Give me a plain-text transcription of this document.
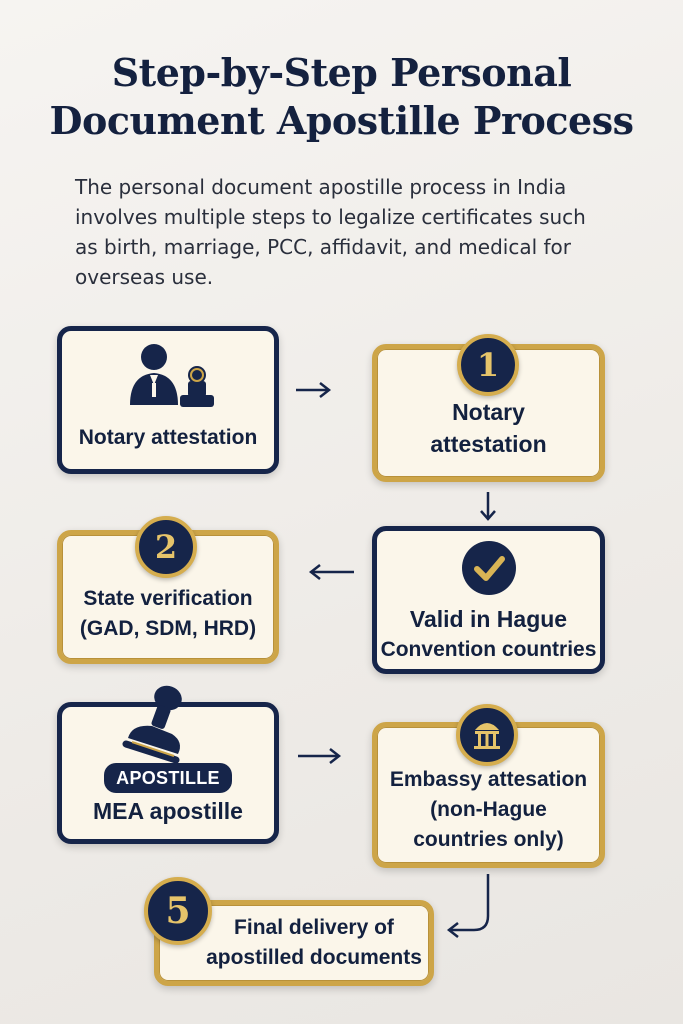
Step-by-Step Personal
Document Apostille Process
The personal document apostille process in India
involves multiple steps to legalize certificates such
as birth, marriage, PCC, affidavit, and medical for
overseas use.
Notary attestation
Notary
attestation
1
Valid in Hague
Convention countries
State verification
(GAD, SDM, HRD)
2
APOSTILLE
MEA apostille
Embassy attesation
(non-Hague
countries only)
Final delivery of
apostilled documents
5
